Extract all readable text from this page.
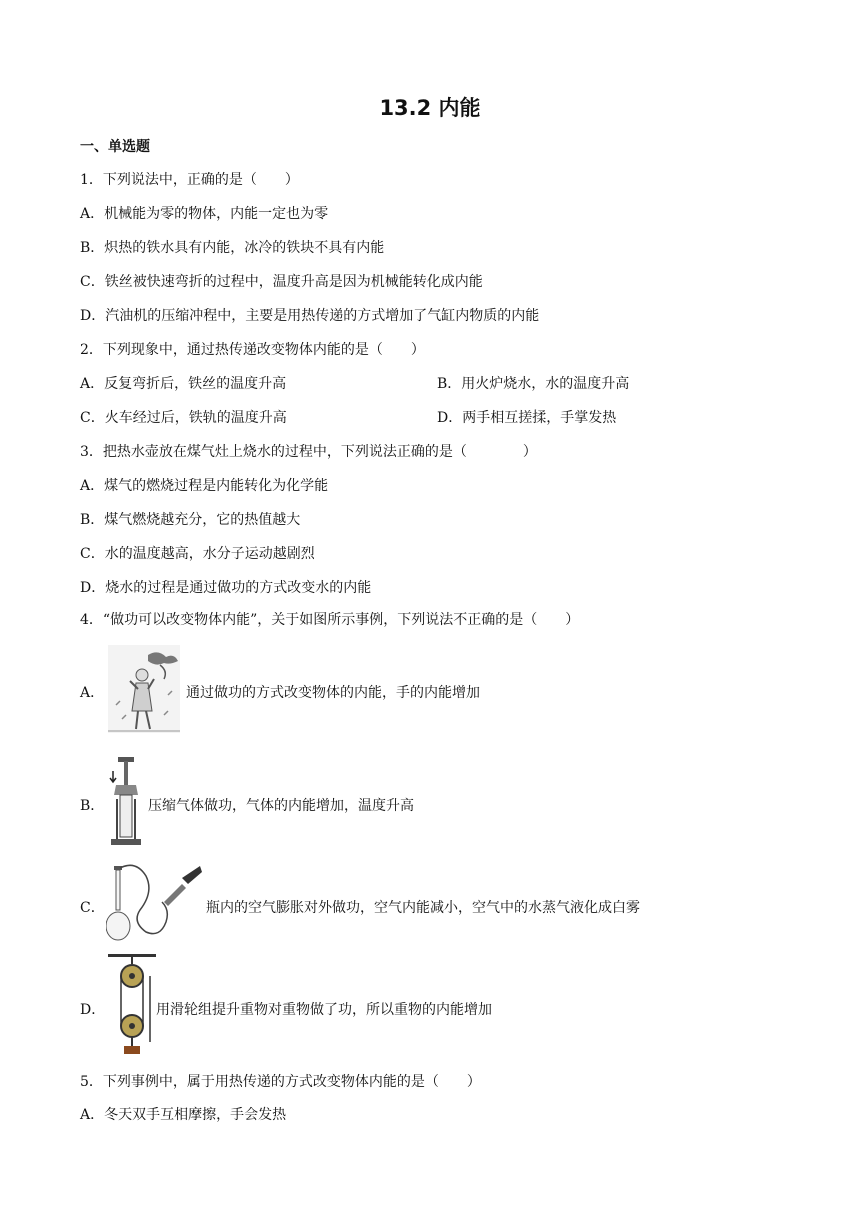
13.2 内能
一、单选题
1．下列说法中，正确的是（　　）
A．机械能为零的物体，内能一定也为零
B．炽热的铁水具有内能，冰冷的铁块不具有内能
C．铁丝被快速弯折的过程中，温度升高是因为机械能转化成内能
D．汽油机的压缩冲程中，主要是用热传递的方式增加了气缸内物质的内能
2．下列现象中，通过热传递改变物体内能的是（　　）
A．反复弯折后，铁丝的温度升高	B．用火炉烧水，水的温度升高
C．火车经过后，铁轨的温度升高	D．两手相互搓揉，手掌发热
3．把热水壶放在煤气灶上烧水的过程中，下列说法正确的是（　　　　）
A．煤气的燃烧过程是内能转化为化学能
B．煤气燃烧越充分，它的热值越大
C．水的温度越高，水分子运动越剧烈
D．烧水的过程是通过做功的方式改变水的内能
4．“做功可以改变物体内能”，关于如图所示事例，下列说法不正确的是（　　）
A．	通过做功的方式改变物体的内能，手的内能增加
B．	压缩气体做功，气体的内能增加，温度升高
C．	瓶内的空气膨胀对外做功，空气内能减小，空气中的水蒸气液化成白雾
D．	用滑轮组提升重物对重物做了功，所以重物的内能增加
5．下列事例中，属于用热传递的方式改变物体内能的是（　　）
A．冬天双手互相摩擦，手会发热
